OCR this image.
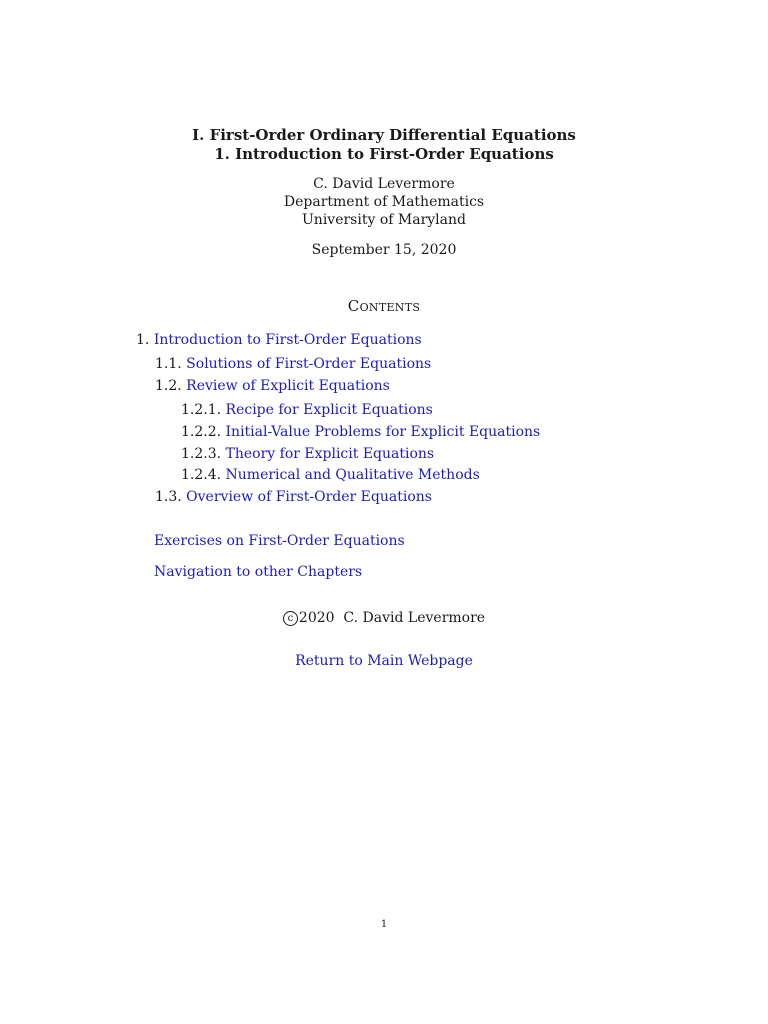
I. First-Order Ordinary Differential Equations
1. Introduction to First-Order Equations
C. David Levermore
Department of Mathematics
University of Maryland
September 15, 2020
Contents
1. Introduction to First-Order Equations
1.1. Solutions of First-Order Equations
1.2. Review of Explicit Equations
1.2.1. Recipe for Explicit Equations
1.2.2. Initial-Value Problems for Explicit Equations
1.2.3. Theory for Explicit Equations
1.2.4. Numerical and Qualitative Methods
1.3. Overview of First-Order Equations
Exercises on First-Order Equations
Navigation to other Chapters
c 2020  C. David Levermore
Return to Main Webpage
1
